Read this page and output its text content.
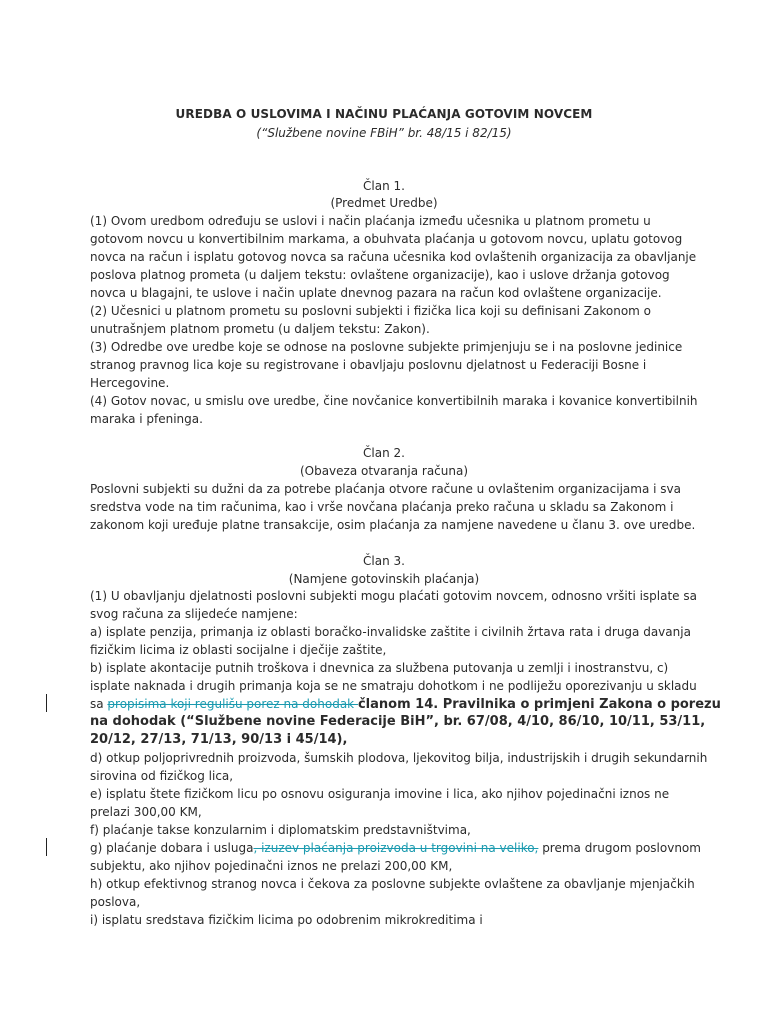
UREDBA O USLOVIMA I NAČINU PLAĆANJA GOTOVIM NOVCEM
(“Službene novine FBiH” br. 48/15 i 82/15)
Član 1.
(Predmet Uredbe)
(1) Ovom uredbom određuju se uslovi i način plaćanja između učesnika u platnom prometu u
gotovom novcu u konvertibilnim markama, a obuhvata plaćanja u gotovom novcu, uplatu gotovog
novca na račun i isplatu gotovog novca sa računa učesnika kod ovlaštenih organizacija za obavljanje
poslova platnog prometa (u daljem tekstu: ovlaštene organizacije), kao i uslove držanja gotovog
novca u blagajni, te uslove i način uplate dnevnog pazara na račun kod ovlaštene organizacije.
(2) Učesnici u platnom prometu su poslovni subjekti i fizička lica koji su definisani Zakonom o
unutrašnjem platnom prometu (u daljem tekstu: Zakon).
(3) Odredbe ove uredbe koje se odnose na poslovne subjekte primjenjuju se i na poslovne jedinice
stranog pravnog lica koje su registrovane i obavljaju poslovnu djelatnost u Federaciji Bosne i
Hercegovine.
(4) Gotov novac, u smislu ove uredbe, čine novčanice konvertibilnih maraka i kovanice konvertibilnih
maraka i pfeninga.
Član 2.
(Obaveza otvaranja računa)
Poslovni subjekti su dužni da za potrebe plaćanja otvore račune u ovlaštenim organizacijama i sva
sredstva vode na tim računima, kao i vrše novčana plaćanja preko računa u skladu sa Zakonom i
zakonom koji uređuje platne transakcije, osim plaćanja za namjene navedene u članu 3. ove uredbe.
Član 3.
(Namjene gotovinskih plaćanja)
(1) U obavljanju djelatnosti poslovni subjekti mogu plaćati gotovim novcem, odnosno vršiti isplate sa
svog računa za slijedeće namjene:
a) isplate penzija, primanja iz oblasti boračko-invalidske zaštite i civilnih žrtava rata i druga davanja
fizičkim licima iz oblasti socijalne i dječije zaštite,
b) isplate akontacije putnih troškova i dnevnica za službena putovanja u zemlji i inostranstvu, c)
isplate naknada i drugih primanja koja se ne smatraju dohotkom i ne podliježu oporezivanju u skladu
sa propisima koji regulišu porez na dohodak članom 14. Pravilnika o primjeni Zakona o porezu
na dohodak (“Službene novine Federacije BiH”, br. 67/08, 4/10, 86/10, 10/11, 53/11,
20/12, 27/13, 71/13, 90/13 i 45/14),
d) otkup poljoprivrednih proizvoda, šumskih plodova, ljekovitog bilja, industrijskih i drugih sekundarnih
sirovina od fizičkog lica,
e) isplatu štete fizičkom licu po osnovu osiguranja imovine i lica, ako njihov pojedinačni iznos ne
prelazi 300,00 KM,
f) plaćanje takse konzularnim i diplomatskim predstavništvima,
g) plaćanje dobara i usluga, izuzev plaćanja proizvoda u trgovini na veliko, prema drugom poslovnom
subjektu, ako njihov pojedinačni iznos ne prelazi 200,00 KM,
h) otkup efektivnog stranog novca i čekova za poslovne subjekte ovlaštene za obavljanje mjenjačkih
poslova,
i) isplatu sredstava fizičkim licima po odobrenim mikrokreditima i
